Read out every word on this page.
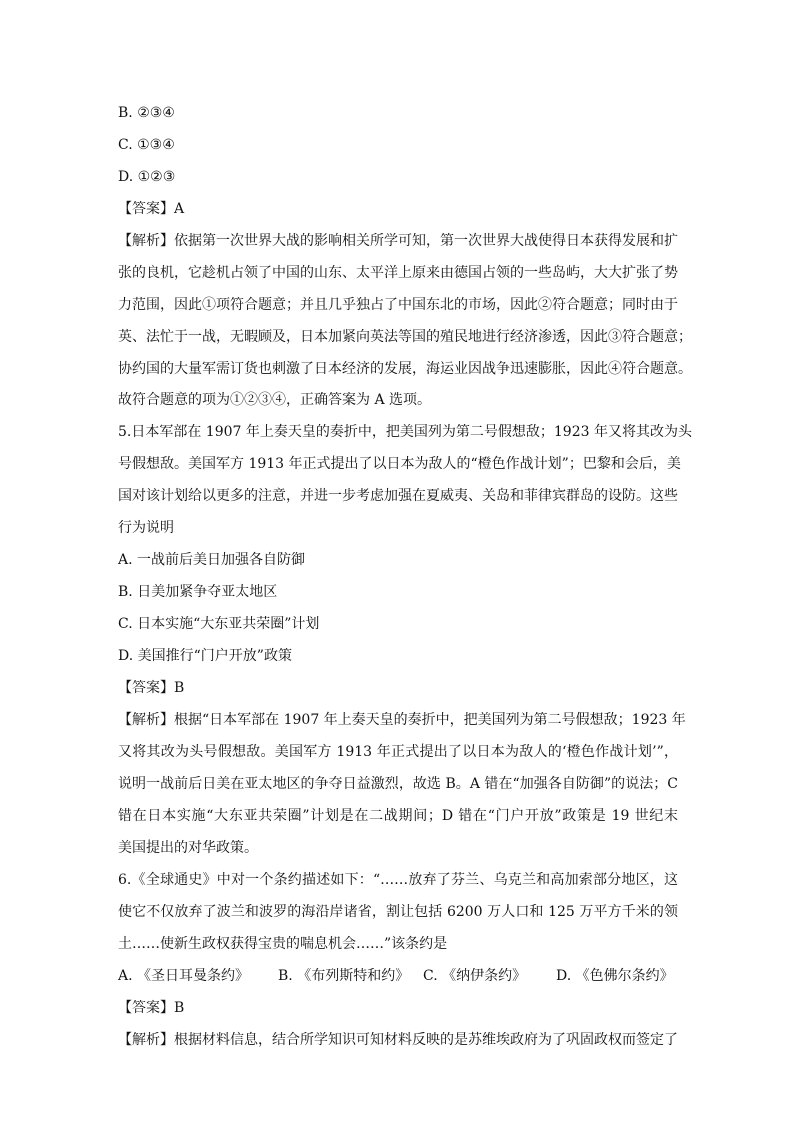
B. ②③④
C. ①③④
D. ①②③
【答案】A
【解析】依据第一次世界大战的影响相关所学可知，第一次世界大战使得日本获得发展和扩
张的良机，它趁机占领了中国的山东、太平洋上原来由德国占领的一些岛屿，大大扩张了势
力范围，因此①项符合题意；并且几乎独占了中国东北的市场，因此②符合题意；同时由于
英、法忙于一战，无暇顾及，日本加紧向英法等国的殖民地进行经济渗透，因此③符合题意；
协约国的大量军需订货也刺激了日本经济的发展，海运业因战争迅速膨胀，因此④符合题意。
故符合题意的项为①②③④，正确答案为 A 选项。
5.日本军部在 1907 年上奏天皇的奏折中，把美国列为第二号假想敌；1923 年又将其改为头
号假想敌。美国军方 1913 年正式提出了以日本为敌人的“橙色作战计划”；巴黎和会后，美
国对该计划给以更多的注意，并进一步考虑加强在夏威夷、关岛和菲律宾群岛的设防。这些
行为说明
A. 一战前后美日加强各自防御
B. 日美加紧争夺亚太地区
C. 日本实施“大东亚共荣圈”计划
D. 美国推行“门户开放”政策
【答案】B
【解析】根据“日本军部在 1907 年上奏天皇的奏折中，把美国列为第二号假想敌；1923 年
又将其改为头号假想敌。美国军方 1913 年正式提出了以日本为敌人的‘橙色作战计划’”，
说明一战前后日美在亚太地区的争夺日益激烈，故选 B。A 错在“加强各自防御”的说法；C
错在日本实施“大东亚共荣圈”计划是在二战期间；D 错在“门户开放”政策是 19 世纪末
美国提出的对华政策。
6.《全球通史》中对一个条约描述如下：“……放弃了芬兰、乌克兰和高加索部分地区，这
使它不仅放弃了波兰和波罗的海沿岸诸省，割让包括 6200 万人口和 125 万平方千米的领
土……使新生政权获得宝贵的喘息机会……”该条约是
A. 《圣日耳曼条约》 B. 《布列斯特和约》 C. 《纳伊条约》 D. 《色佛尔条约》
【答案】B
【解析】根据材料信息，结合所学知识可知材料反映的是苏维埃政府为了巩固政权而签定了
